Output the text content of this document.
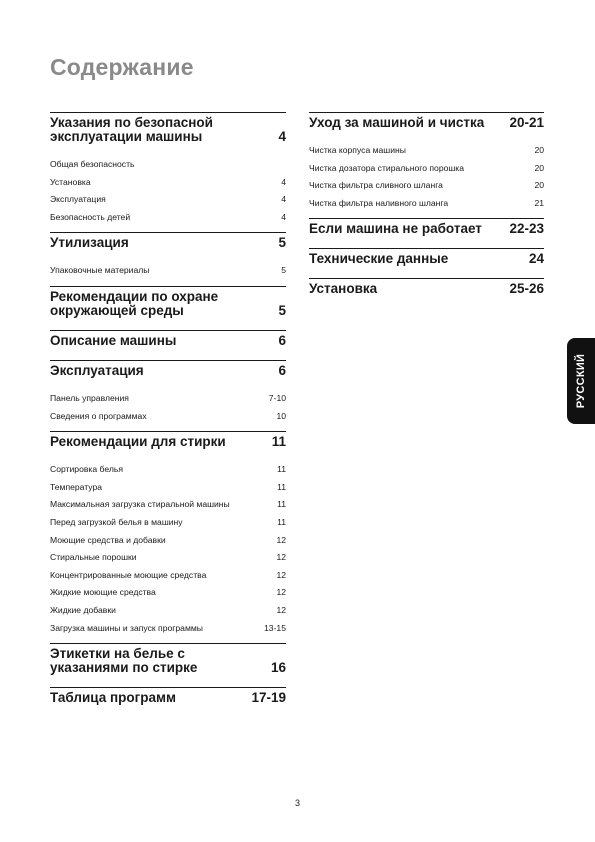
Содержание
Указания по безопасной эксплуатации машины	4
Общая безопасность
Установка	4
Эксплуатация	4
Безопасность детей	4
Утилизация	5
Упаковочные материалы	5
Рекомендации по охране окружающей среды	5
Описание машины	6
Эксплуатация	6
Панель управления	7-10
Сведения о программах	10
Рекомендации для стирки	11
Сортировка белья	11
Температура	11
Максимальная загрузка стиральной машины	11
Перед загрузкой белья в машину	11
Моющие средства и добавки	12
Стиральные порошки	12
Концентрированные моющие средства	12
Жидкие моющие средства	12
Жидкие добавки	12
Загрузка машины и запуск программы	13-15
Этикетки на белье с указаниями по стирке	16
Таблица программ	17-19
Уход за машиной и чистка	20-21
Чистка корпуса машины	20
Чистка дозатора стирального порошка	20
Чистка фильтра сливного шланга	20
Чистка фильтра наливного шланга	21
Если машина не работает	22-23
Технические данные	24
Установка	25-26
РУССКИЙ
3
